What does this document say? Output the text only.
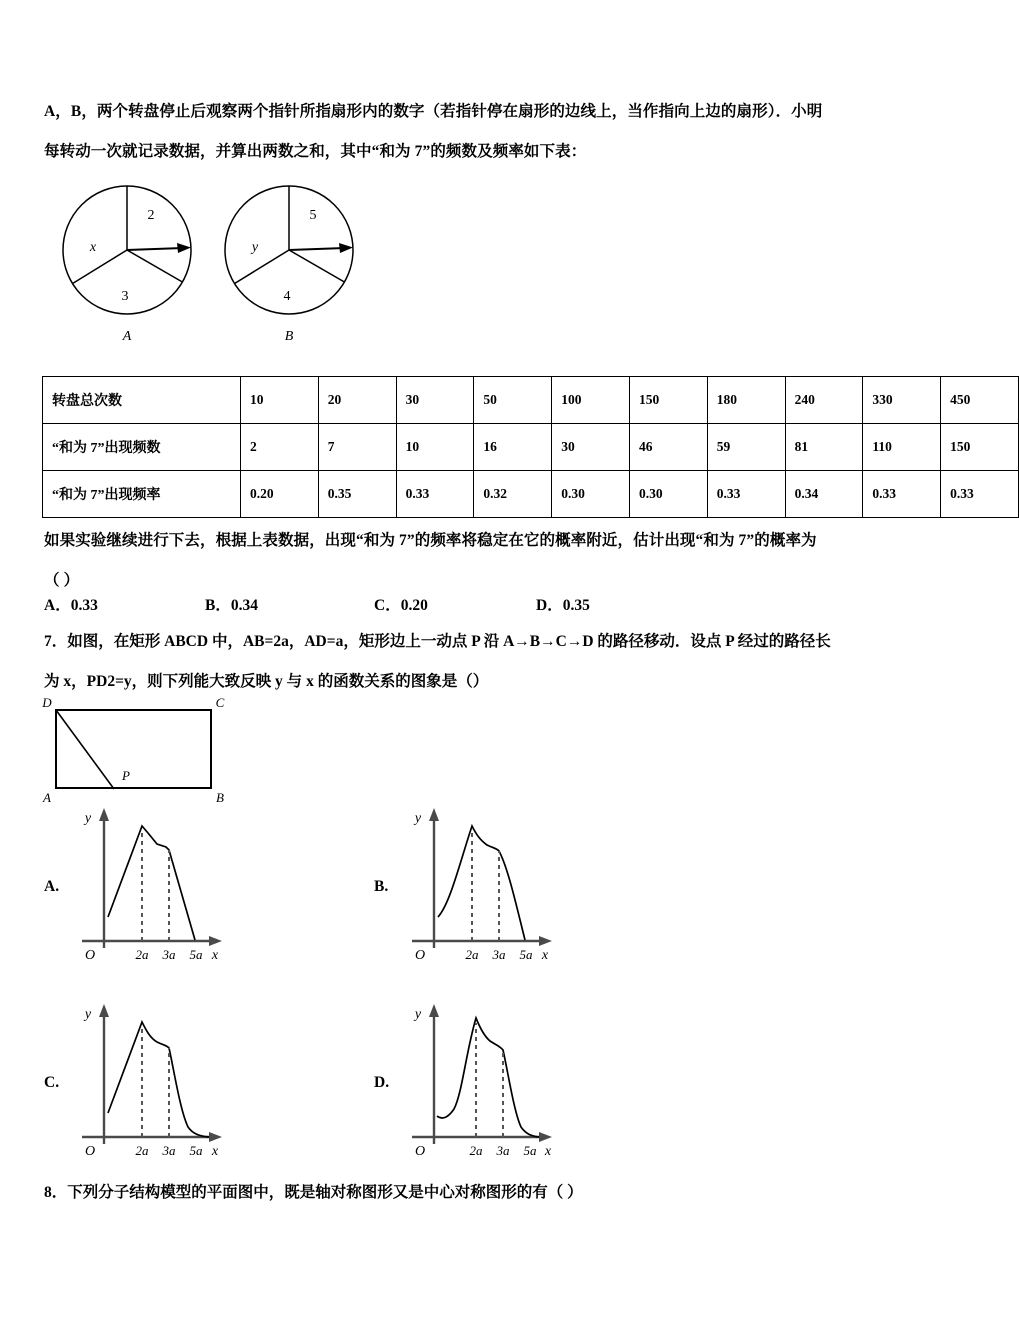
A，B，两个转盘停止后观察两个指针所指扇形内的数字（若指针停在扇形的边线上，当作指向上边的扇形）．小明
每转动一次就记录数据，并算出两数之和，其中“和为 7”的频数及频率如下表：
2
x
3
A
5
y
4
B
转盘总次数	10	20	30	50	100	150	180	240	330	450
“和为 7”出现频数	2	7	10	16	30	46	59	81	110	150
“和为 7”出现频率	0.20	0.35	0.33	0.32	0.30	0.30	0.33	0.34	0.33	0.33
如果实验继续进行下去，根据上表数据，出现“和为 7”的频率将稳定在它的概率附近，估计出现“和为 7”的概率为
（ ）
A．0.33	B．0.34	C．0.20	D．0.35
7．如图，在矩形 ABCD 中，AB=2a，AD=a，矩形边上一动点 P 沿 A→B→C→D 的路径移动．设点 P 经过的路径长
为 x，PD2=y，则下列能大致反映 y 与 x 的函数关系的图象是（）
D	C
A	B
P
A.
O
y
2a 3a 5a x
B.
O
y
2a 3a 5a x
C.
O
y
2a 3a 5a x
D.
O
y
2a 3a 5a x
8．下列分子结构模型的平面图中，既是轴对称图形又是中心对称图形的有（ ）
